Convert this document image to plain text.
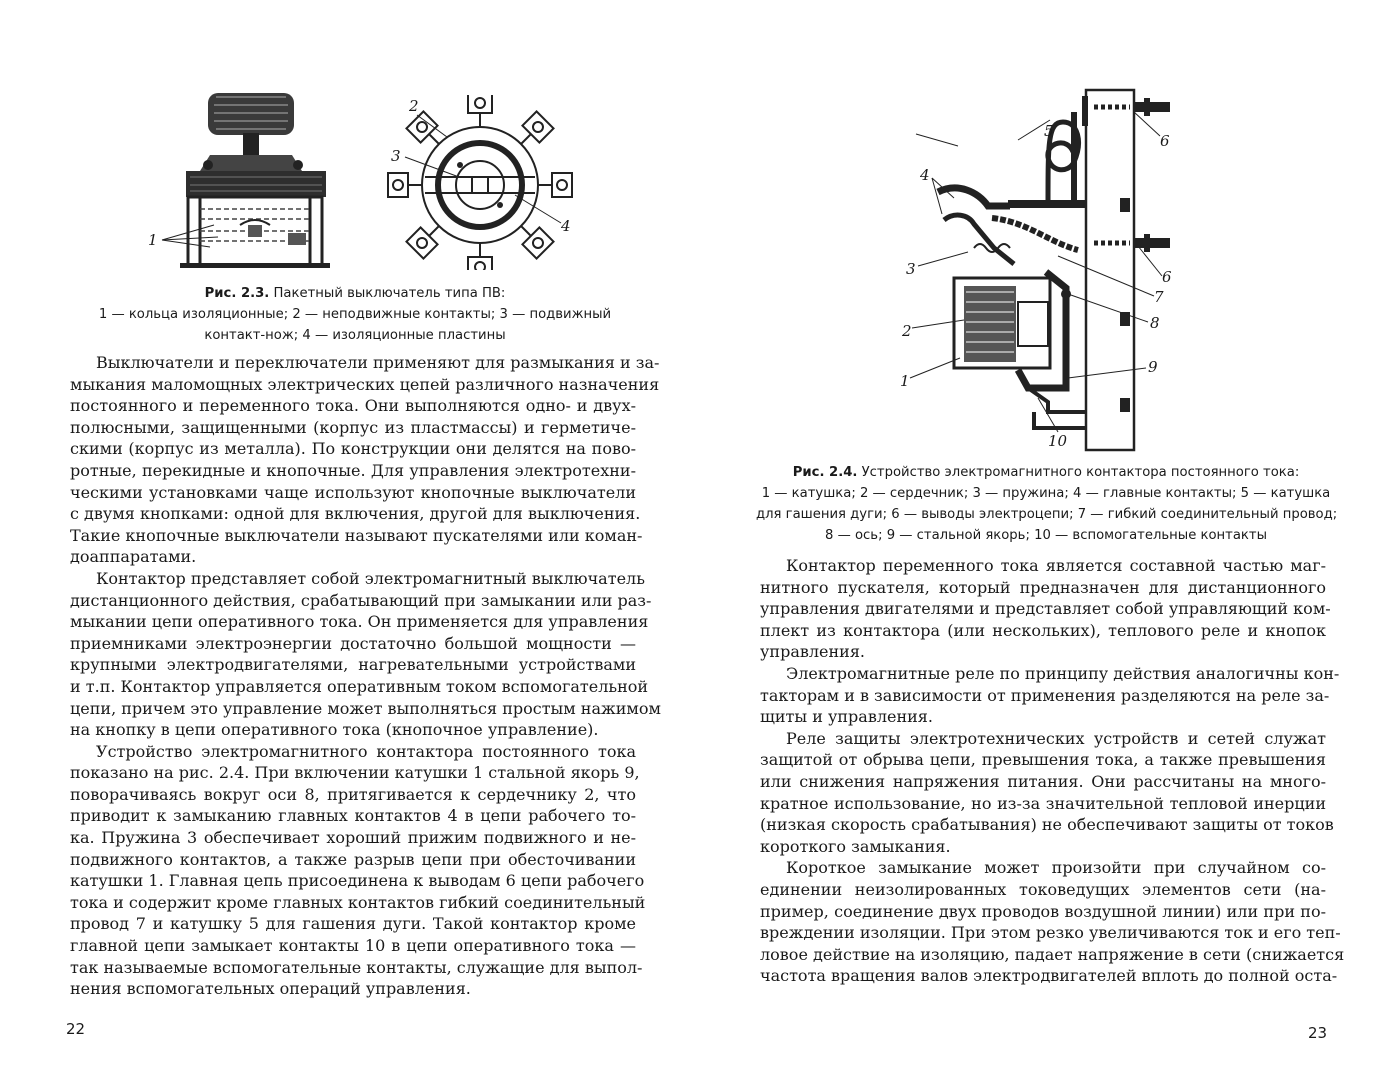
1
2
3
4
Рис. 2.3. Пакетный выключатель типа ПВ:
1 — кольца изоляционные; 2 — неподвижные контакты; 3 — подвижный
контакт-нож; 4 — изоляционные пластины
Выключатели и переключатели применяют для размыкания и за-
мыкания маломощных электрических цепей различного назначения
постоянного и переменного тока. Они выполняются одно- и двух-
полюсными, защищенными (корпус из пластмассы) и герметиче-
скими (корпус из металла). По конструкции они делятся на пово-
ротные, перекидные и кнопочные. Для управления электротехни-
ческими установками чаще используют кнопочные выключатели
с двумя кнопками: одной для включения, другой для выключения.
Такие кнопочные выключатели называют пускателями или коман-
доаппаратами.
Контактор представляет собой электромагнитный выключатель
дистанционного действия, срабатывающий при замыкании или раз-
мыкании цепи оперативного тока. Он применяется для управления
приемниками электроэнергии достаточно большой мощности —
крупными электродвигателями, нагревательными устройствами
и т.п. Контактор управляется оперативным током вспомогательной
цепи, причем это управление может выполняться простым нажимом
на кнопку в цепи оперативного тока (кнопочное управление).
Устройство электромагнитного контактора постоянного тока
показано на рис. 2.4. При включении катушки 1 стальной якорь 9,
поворачиваясь вокруг оси 8, притягивается к сердечнику 2, что
приводит к замыканию главных контактов 4 в цепи рабочего то-
ка. Пружина 3 обеспечивает хороший прижим подвижного и не-
подвижного контактов, а также разрыв цепи при обесточивании
катушки 1. Главная цепь присоединена к выводам 6 цепи рабочего
тока и содержит кроме главных контактов гибкий соединительный
провод 7 и катушку 5 для гашения дуги. Такой контактор кроме
главной цепи замыкает контакты 10 в цепи оперативного тока —
так называемые вспомогательные контакты, служащие для выпол-
нения вспомогательных операций управления.
22
5
6
4
3	6
7
8
2
9
1
10
Рис. 2.4. Устройство электромагнитного контактора постоянного тока:
1 — катушка; 2 — сердечник; 3 — пружина; 4 — главные контакты; 5 — катушка
для гашения дуги; 6 — выводы электроцепи; 7 — гибкий соединительный провод;
8 — ось; 9 — стальной якорь; 10 — вспомогательные контакты
Контактор переменного тока является составной частью маг-
нитного пускателя, который предназначен для дистанционного
управления двигателями и представляет собой управляющий ком-
плект из контактора (или нескольких), теплового реле и кнопок
управления.
Электромагнитные реле по принципу действия аналогичны кон-
такторам и в зависимости от применения разделяются на реле за-
щиты и управления.
Реле защиты электротехнических устройств и сетей служат
защитой от обрыва цепи, превышения тока, а также превышения
или снижения напряжения питания. Они рассчитаны на много-
кратное использование, но из-за значительной тепловой инерции
(низкая скорость срабатывания) не обеспечивают защиты от токов
короткого замыкания.
Короткое замыкание может произойти при случайном со-
единении неизолированных токоведущих элементов сети (на-
пример, соединение двух проводов воздушной линии) или при по-
вреждении изоляции. При этом резко увеличиваются ток и его теп-
ловое действие на изоляцию, падает напряжение в сети (снижается
частота вращения валов электродвигателей вплоть до полной оста-
23
